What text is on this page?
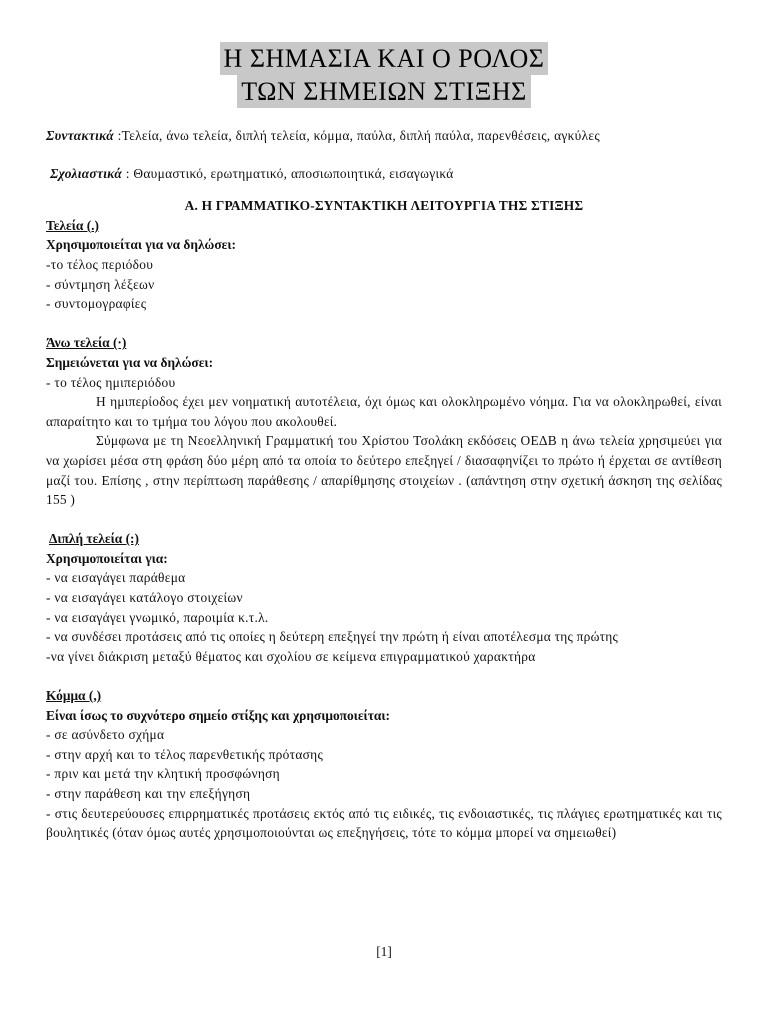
Η ΣΗΜΑΣΙΑ ΚΑΙ Ο ΡΟΛΟΣ
ΤΩΝ ΣΗΜΕΙΩΝ ΣΤΙΞΗΣ
Συντακτικά :Τελεία, άνω τελεία, διπλή τελεία, κόμμα, παύλα, διπλή παύλα, παρενθέσεις, αγκύλες
Σχολιαστικά : Θαυμαστικό, ερωτηματικό, αποσιωποιητικά, εισαγωγικά
Α. Η ΓΡΑΜΜΑΤΙΚΟ-ΣΥΝΤΑΚΤΙΚΗ ΛΕΙΤΟΥΡΓΙΑ ΤΗΣ ΣΤΙΞΗΣ
Τελεία (.)
Χρησιμοποιείται για να δηλώσει:
-το τέλος περιόδου
- σύντμηση λέξεων
- συντομογραφίες
Άνω τελεία (·)
Σημειώνεται για να δηλώσει:
- το τέλος ημιπεριόδου
Η ημιπερίοδος έχει μεν νοηματική αυτοτέλεια, όχι όμως και ολοκληρωμένο νόημα. Για να ολοκληρωθεί, είναι απαραίτητο και το τμήμα του λόγου που ακολουθεί.
Σύμφωνα με τη Νεοελληνική Γραμματική του Χρίστου Τσολάκη εκδόσεις ΟΕΔΒ η άνω τελεία χρησιμεύει για να χωρίσει μέσα στη φράση δύο μέρη από τα οποία το δεύτερο επεξηγεί / διασαφηνίζει το πρώτο ή έρχεται σε αντίθεση μαζί του. Επίσης , στην περίπτωση παράθεσης / απαρίθμησης στοιχείων . (απάντηση στην σχετική άσκηση της σελίδας 155 )
Διπλή τελεία (:)
Χρησιμοποιείται για:
- να εισαγάγει παράθεμα
- να εισαγάγει κατάλογο στοιχείων
- να εισαγάγει γνωμικό, παροιμία κ.τ.λ.
- να συνδέσει προτάσεις από τις οποίες η δεύτερη επεξηγεί την πρώτη ή είναι αποτέλεσμα της πρώτης
-να γίνει διάκριση μεταξύ θέματος και σχολίου σε κείμενα επιγραμματικού χαρακτήρα
Κόμμα (,)
Είναι ίσως το συχνότερο σημείο στίξης και χρησιμοποιείται:
- σε ασύνδετο σχήμα
- στην αρχή και το τέλος παρενθετικής πρότασης
- πριν και μετά την κλητική προσφώνηση
- στην παράθεση και την επεξήγηση
- στις δευτερεύουσες επιρρηματικές προτάσεις εκτός από τις ειδικές, τις ενδοιαστικές, τις πλάγιες ερωτηματικές και τις βουλητικές (όταν όμως αυτές χρησιμοποιούνται ως επεξηγήσεις, τότε το κόμμα μπορεί να σημειωθεί)
[1]
